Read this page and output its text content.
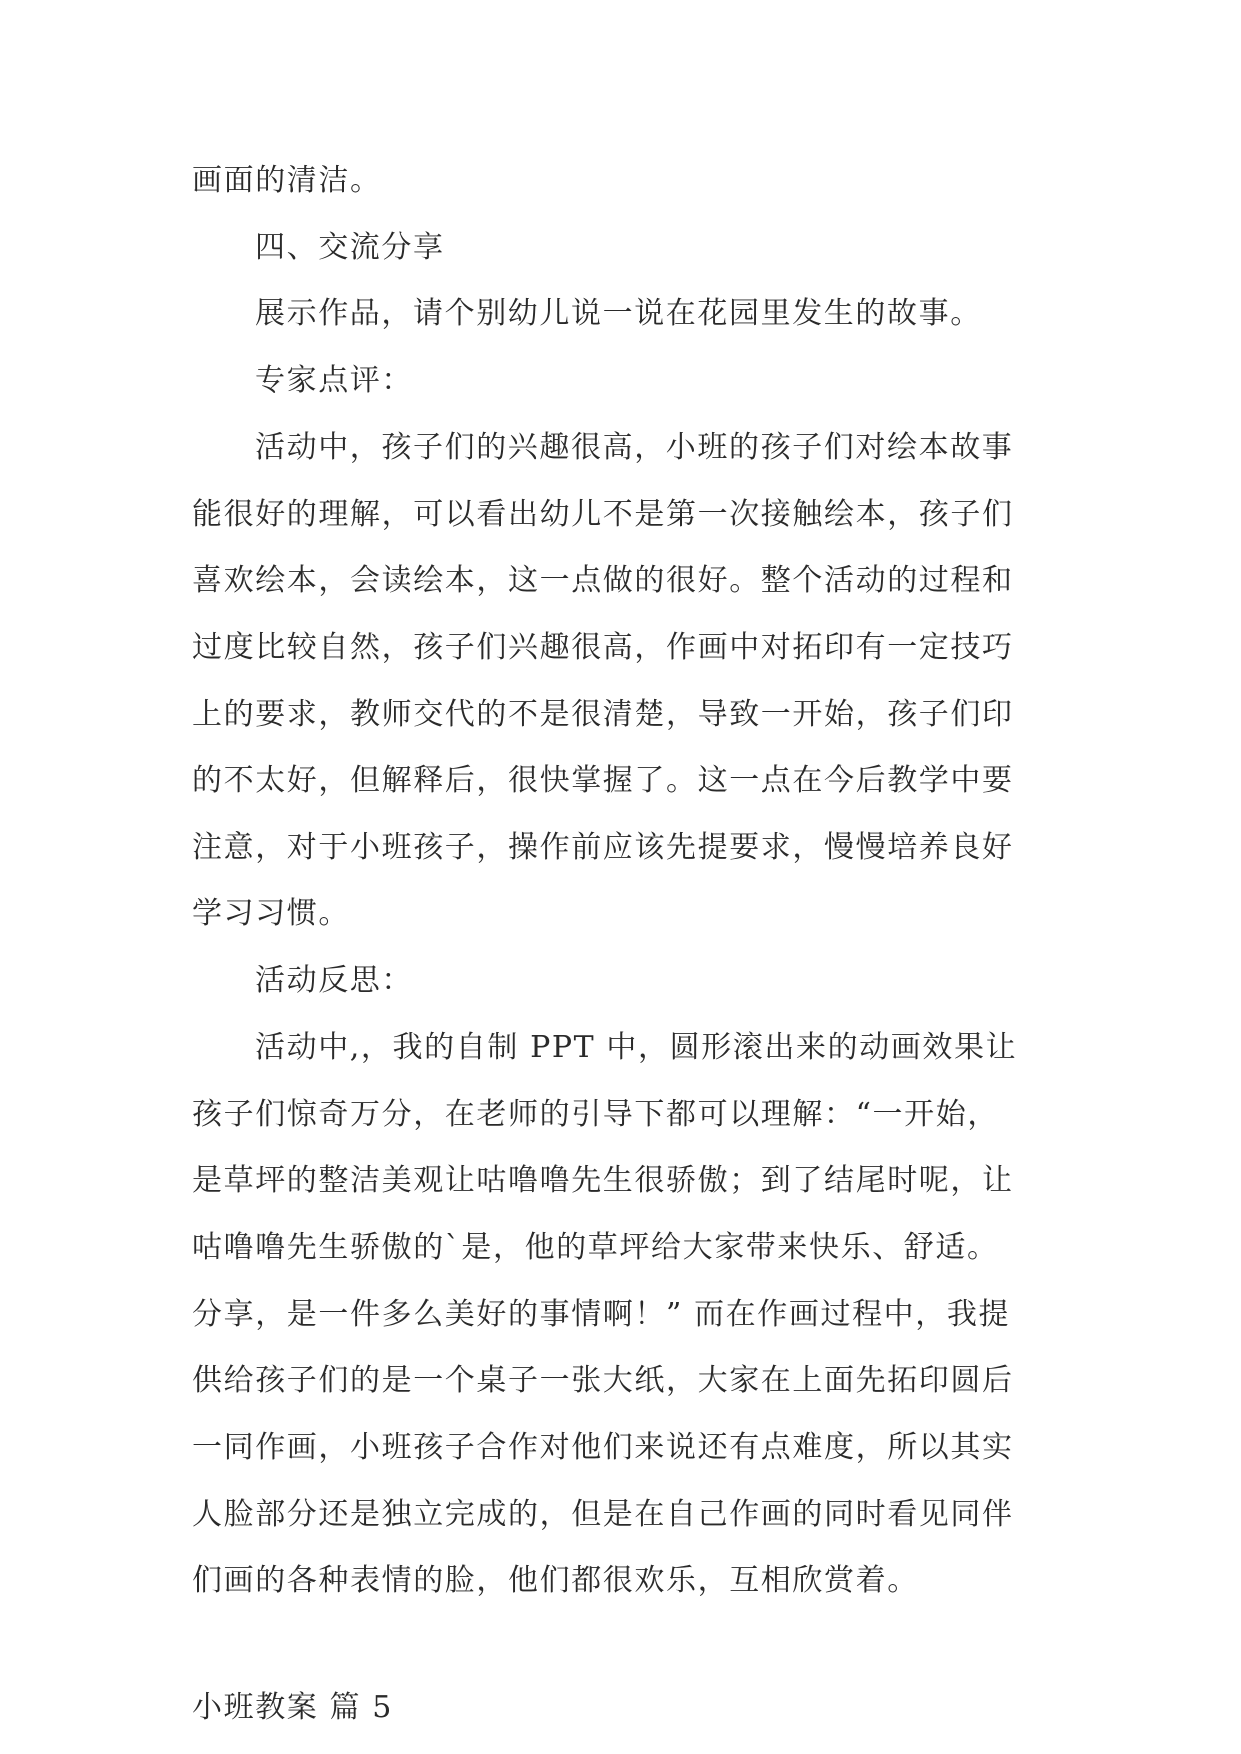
画面的清洁。
四、交流分享
展示作品，请个别幼儿说一说在花园里发生的故事。
专家点评：
活动中，孩子们的兴趣很高，小班的孩子们对绘本故事
能很好的理解，可以看出幼儿不是第一次接触绘本，孩子们
喜欢绘本，会读绘本，这一点做的很好。整个活动的过程和
过度比较自然，孩子们兴趣很高，作画中对拓印有一定技巧
上的要求，教师交代的不是很清楚，导致一开始，孩子们印
的不太好，但解释后，很快掌握了。这一点在今后教学中要
注意，对于小班孩子，操作前应该先提要求，慢慢培养良好
学习习惯。
活动反思：
活动中,，我的自制 PPT 中，圆形滚出来的动画效果让
孩子们惊奇万分，在老师的引导下都可以理解：“一开始，
是草坪的整洁美观让咕噜噜先生很骄傲；到了结尾时呢，让
咕噜噜先生骄傲的`是，他的草坪给大家带来快乐、舒适。
分享，是一件多么美好的事情啊！” 而在作画过程中，我提
供给孩子们的是一个桌子一张大纸，大家在上面先拓印圆后
一同作画，小班孩子合作对他们来说还有点难度，所以其实
人脸部分还是独立完成的，但是在自己作画的同时看见同伴
们画的各种表情的脸，他们都很欢乐，互相欣赏着。
小班教案 篇 5
